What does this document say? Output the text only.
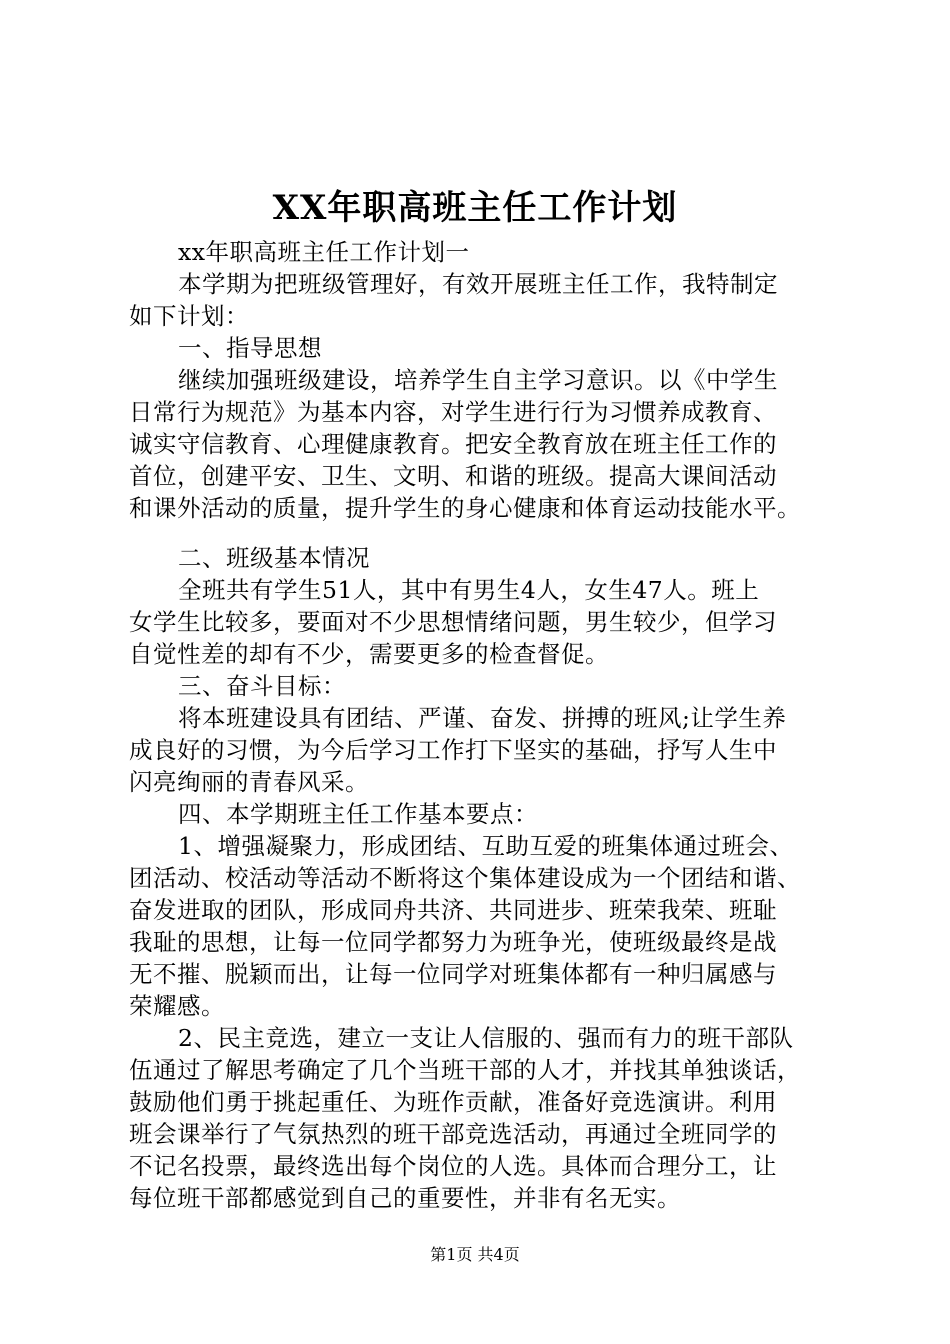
XX年职高班主任工作计划
xx年职高班主任工作计划一
本学期为把班级管理好，有效开展班主任工作，我特制定
如下计划：
一、指导思想
继续加强班级建设，培养学生自主学习意识。以《中学生
日常行为规范》为基本内容，对学生进行行为习惯养成教育、
诚实守信教育、心理健康教育。把安全教育放在班主任工作的
首位，创建平安、卫生、文明、和谐的班级。提高大课间活动
和课外活动的质量，提升学生的身心健康和体育运动技能水平。
二、班级基本情况
全班共有学生51人，其中有男生4人，女生47人。班上
女学生比较多，要面对不少思想情绪问题，男生较少，但学习
自觉性差的却有不少，需要更多的检查督促。
三、奋斗目标：
将本班建设具有团结、严谨、奋发、拼搏的班风;让学生养
成良好的习惯，为今后学习工作打下坚实的基础，抒写人生中
闪亮绚丽的青春风采。
四、本学期班主任工作基本要点：
1、增强凝聚力，形成团结、互助互爱的班集体通过班会、
团活动、校活动等活动不断将这个集体建设成为一个团结和谐、
奋发进取的团队，形成同舟共济、共同进步、班荣我荣、班耻
我耻的思想，让每一位同学都努力为班争光，使班级最终是战
无不摧、脱颖而出，让每一位同学对班集体都有一种归属感与
荣耀感。
2、民主竞选，建立一支让人信服的、强而有力的班干部队
伍通过了解思考确定了几个当班干部的人才，并找其单独谈话，
鼓励他们勇于挑起重任、为班作贡献，准备好竞选演讲。利用
班会课举行了气氛热烈的班干部竞选活动，再通过全班同学的
不记名投票，最终选出每个岗位的人选。具体而合理分工，让
每位班干部都感觉到自己的重要性，并非有名无实。
第1页 共4页
